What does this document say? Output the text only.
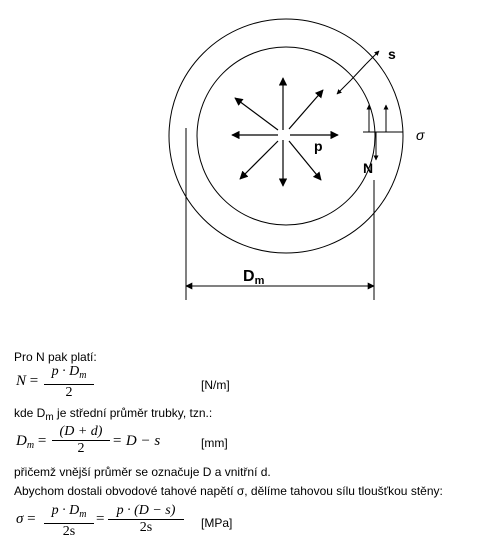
s
p
N
σ
Dm
Pro N pak platí:
$N = \frac{p \cdot D_m}{2}$	[N/m]
kde $D_m$ je střední průměr trubky, tzn.:
$D_m = \frac{(D + d)}{2} = D - s$	[mm]
přičemž vnější průměr se označuje D a vnitřní d.
Abychom dostali obvodové tahové napětí σ, dělíme tahovou sílu tloušťkou stěny:
$\sigma = \frac{p \cdot D_m}{2s} = \frac{p \cdot (D - s)}{2s} [MPa]$
